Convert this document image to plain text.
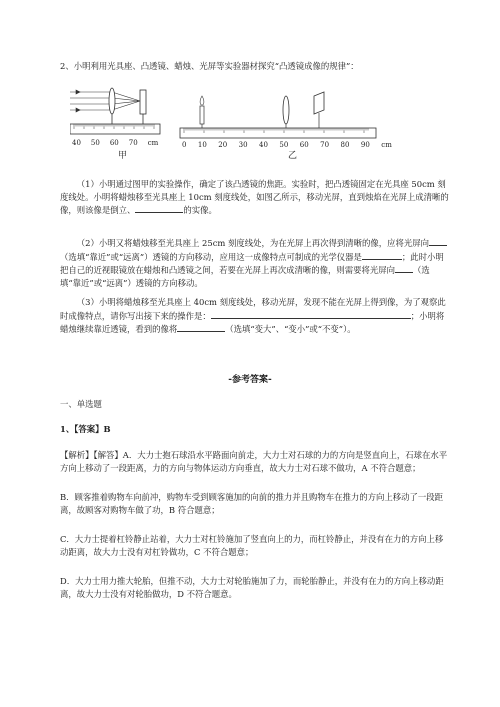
2、小明利用光具座、凸透镜、蜡烛、光屏等实验器材探究“凸透镜成像的规律”：

40 50 60 70 cm
甲
0 10 20 30 40 50 60 70 80 90 cm
乙

（1）小明通过图甲的实验操作，确定了该凸透镜的焦距。实验时，把凸透镜固定在光具座 50cm 刻度线处。小明将蜡烛移至光具座上 10cm 刻度线处，如图乙所示，移动光屏，直到烛焰在光屏上成清晰的像，则该像是倒立、	的实像。

（2）小明又将蜡烛移至光具座上 25cm 刻度线处，为在光屏上再次得到清晰的像，应将光屏向（选填“靠近”或“远离”）透镜的方向移动，应用这一成像特点可制成的光学仪器是	；此时小明把自己的近视眼镜放在蜡烛和凸透镜之间，若要在光屏上再次成清晰的像，则需要将光屏向 （选填“靠近”或“远离”）透镜的方向移动。

（3）小明将蜡烛移至光具座上 40cm 刻度线处，移动光屏，发现不能在光屏上得到像，为了观察此时成像特点，请你写出接下来的操作是：	；小明将蜡烛继续靠近透镜，看到的像将	（选填“变大”、“变小”或“不变”）。

-参考答案-

一、单选题

1、【答案】B

【解析】【解答】A．大力士抱石球沿水平路面向前走，大力士对石球的力的方向是竖直向上，石球在水平方向上移动了一段距离，力的方向与物体运动方向垂直，故大力士对石球不做功，A 不符合题意；

B．顾客推着购物车向前冲，购物车受到顾客施加的向前的推力并且购物车在推力的方向上移动了一段距离，故顾客对购物车做了功，B 符合题意；

C．大力士提着杠铃静止站着，大力士对杠铃施加了竖直向上的力，而杠铃静止，并没有在力的方向上移动距离，故大力士没有对杠铃做功，C 不符合题意；

D．大力士用力推大轮胎，但推不动，大力士对轮胎施加了力，而轮胎静止，并没有在力的方向上移动距离，故大力士没有对轮胎做功，D 不符合题意。
